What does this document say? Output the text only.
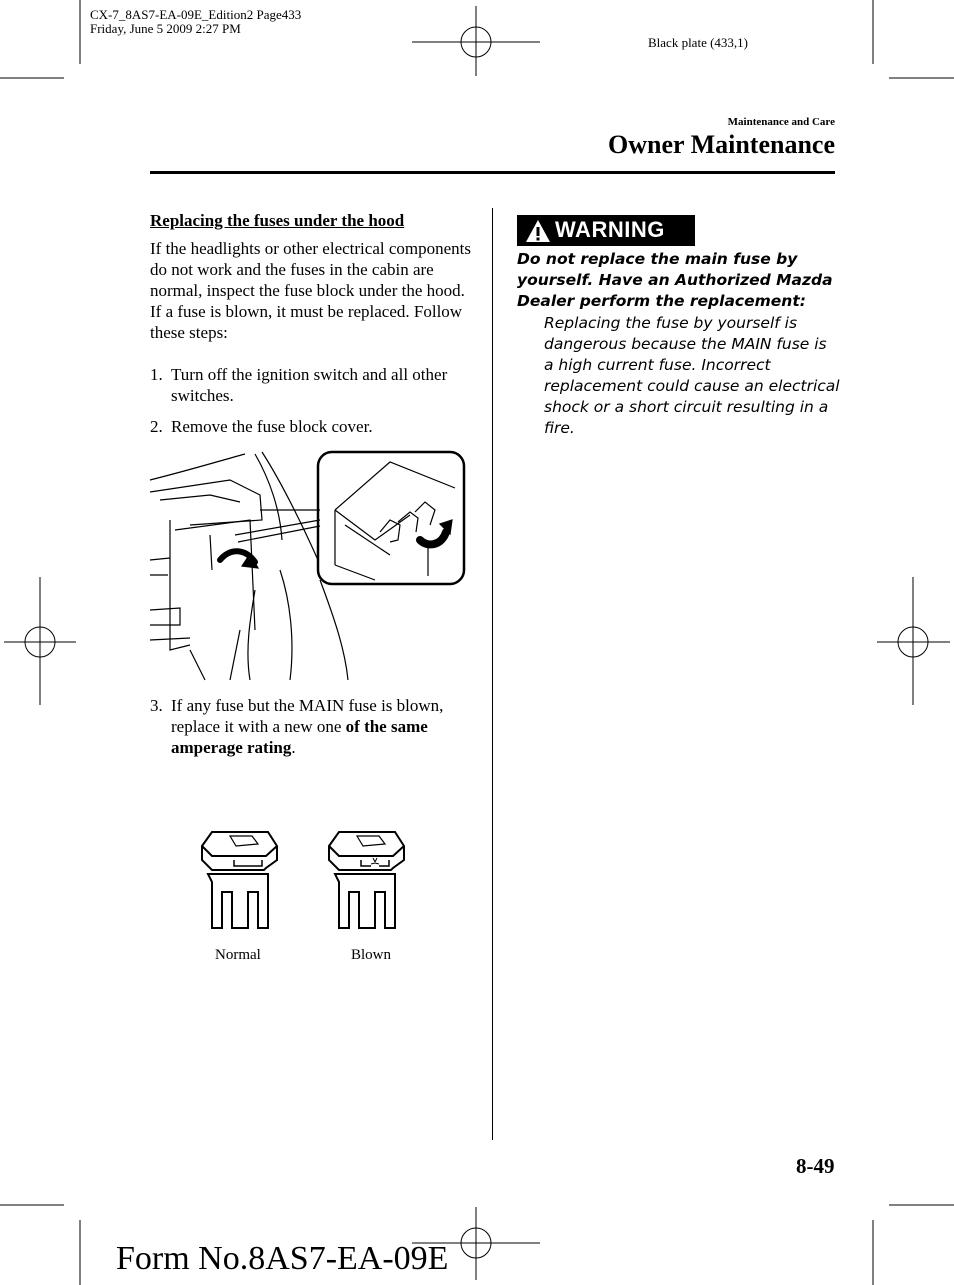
CX-7_8AS7-EA-09E_Edition2 Page433
Friday, June 5 2009 2:27 PM
Black plate (433,1)
Maintenance and Care
Owner Maintenance
Replacing the fuses under the hood
If the headlights or other electrical components do not work and the fuses in the cabin are normal, inspect the fuse block under the hood. If a fuse is blown, it must be replaced. Follow these steps:
1. Turn off the ignition switch and all other switches.
2. Remove the fuse block cover.
3. If any fuse but the MAIN fuse is blown, replace it with a new one of the same amperage rating.
Normal	Blown
WARNING
Do not replace the main fuse by yourself. Have an Authorized Mazda Dealer perform the replacement:
Replacing the fuse by yourself is dangerous because the MAIN fuse is a high current fuse. Incorrect replacement could cause an electrical shock or a short circuit resulting in a fire.
8-49
Form No.8AS7-EA-09E
